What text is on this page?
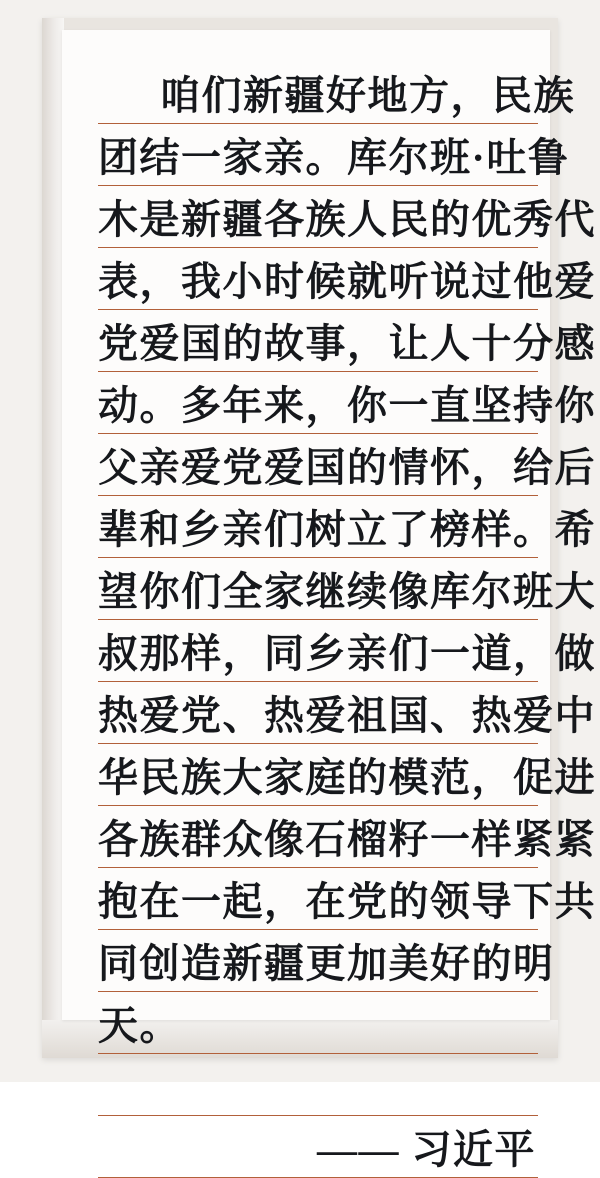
咱们新疆好地方，民族
团结一家亲。库尔班·吐鲁
木是新疆各族人民的优秀代
表，我小时候就听说过他爱
党爱国的故事，让人十分感
动。多年来，你一直坚持你
父亲爱党爱国的情怀，给后
辈和乡亲们树立了榜样。希
望你们全家继续像库尔班大
叔那样，同乡亲们一道，做
热爱党、热爱祖国、热爱中
华民族大家庭的模范，促进
各族群众像石榴籽一样紧紧
抱在一起，在党的领导下共
同创造新疆更加美好的明
天。
—— 习近平
